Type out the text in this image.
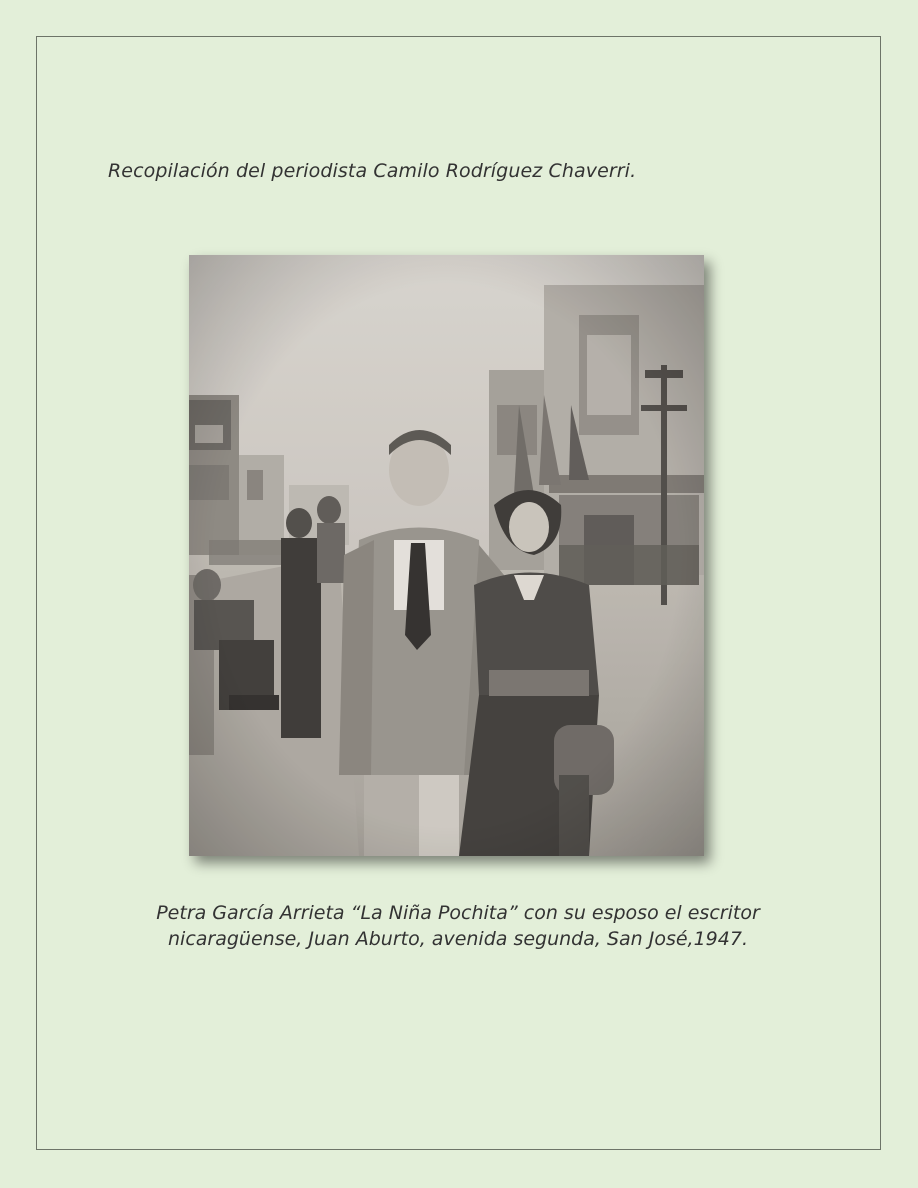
Recopilación del periodista Camilo Rodríguez Chaverri.
Petra García Arrieta “La Niña Pochita” con su esposo el escritor
nicaragüense, Juan Aburto, avenida segunda, San José,1947.
